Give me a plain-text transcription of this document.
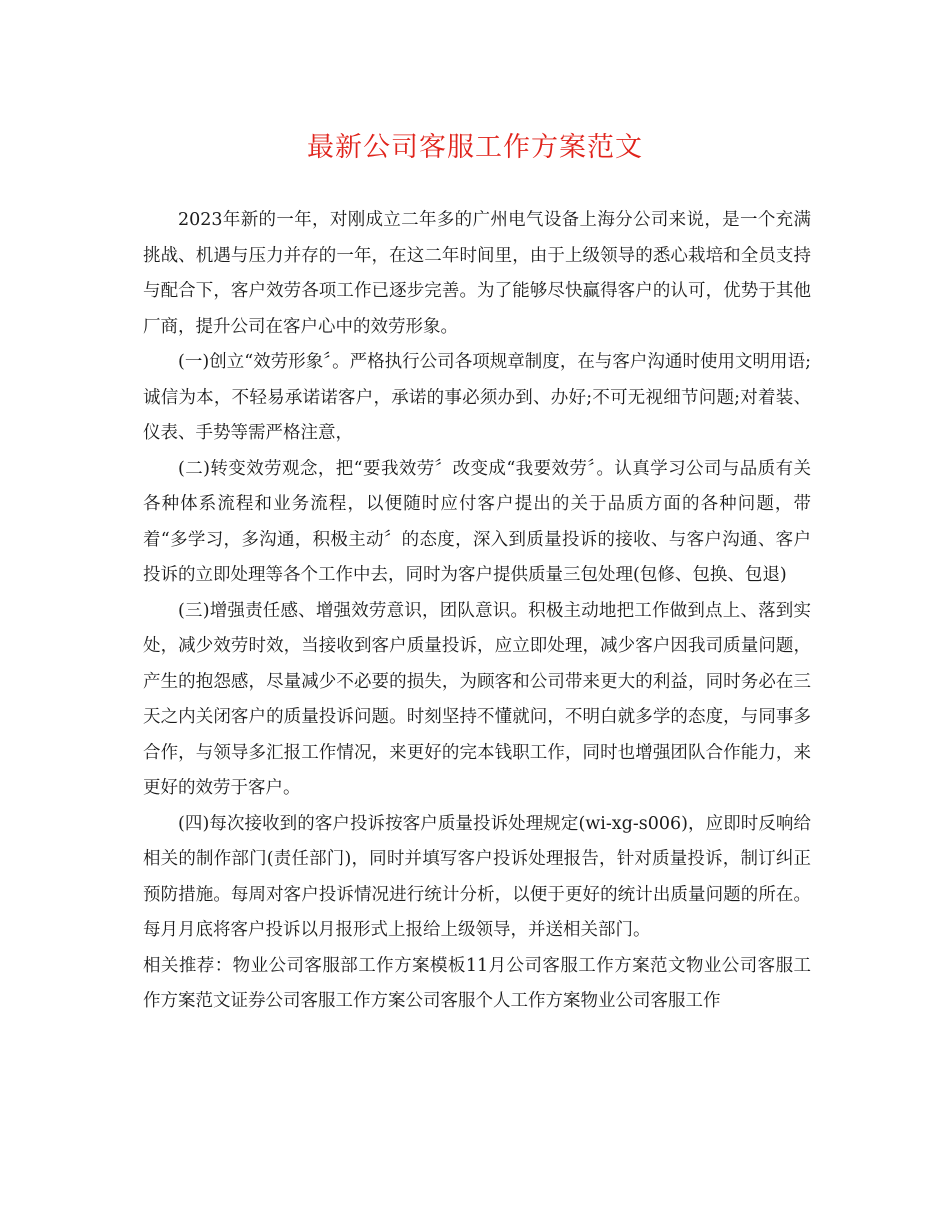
最新公司客服工作方案范文

2023年新的一年，对刚成立二年多的广州电气设备上海分公司来说，是一个充满挑战、机遇与压力并存的一年，在这二年时间里，由于上级领导的悉心栽培和全员支持与配合下，客户效劳各项工作已逐步完善。为了能够尽快赢得客户的认可，优势于其他厂商，提升公司在客户心中的效劳形象。

(一)创立“效劳形象〞。严格执行公司各项规章制度，在与客户沟通时使用文明用语;诚信为本，不轻易承诺诺客户，承诺的事必须办到、办好;不可无视细节问题;对着装、仪表、手势等需严格注意，

(二)转变效劳观念，把“要我效劳〞改变成“我要效劳〞。认真学习公司与品质有关各种体系流程和业务流程，以便随时应付客户提出的关于品质方面的各种问题，带着“多学习，多沟通，积极主动〞的态度，深入到质量投诉的接收、与客户沟通、客户投诉的立即处理等各个工作中去，同时为客户提供质量三包处理(包修、包换、包退)

(三)增强责任感、增强效劳意识，团队意识。积极主动地把工作做到点上、落到实处，减少效劳时效，当接收到客户质量投诉，应立即处理，减少客户因我司质量问题，产生的抱怨感，尽量减少不必要的损失，为顾客和公司带来更大的利益，同时务必在三天之内关闭客户的质量投诉问题。时刻坚持不懂就问，不明白就多学的态度，与同事多合作，与领导多汇报工作情况，来更好的完本钱职工作，同时也增强团队合作能力，来更好的效劳于客户。

(四)每次接收到的客户投诉按客户质量投诉处理规定(wi-xg-s006)，应即时反响给相关的制作部门(责任部门)，同时并填写客户投诉处理报告，针对质量投诉，制订纠正预防措施。每周对客户投诉情况进行统计分析，以便于更好的统计出质量问题的所在。每月月底将客户投诉以月报形式上报给上级领导，并送相关部门。

相关推荐：物业公司客服部工作方案模板11月公司客服工作方案范文物业公司客服工作方案范文证券公司客服工作方案公司客服个人工作方案物业公司客服工作
